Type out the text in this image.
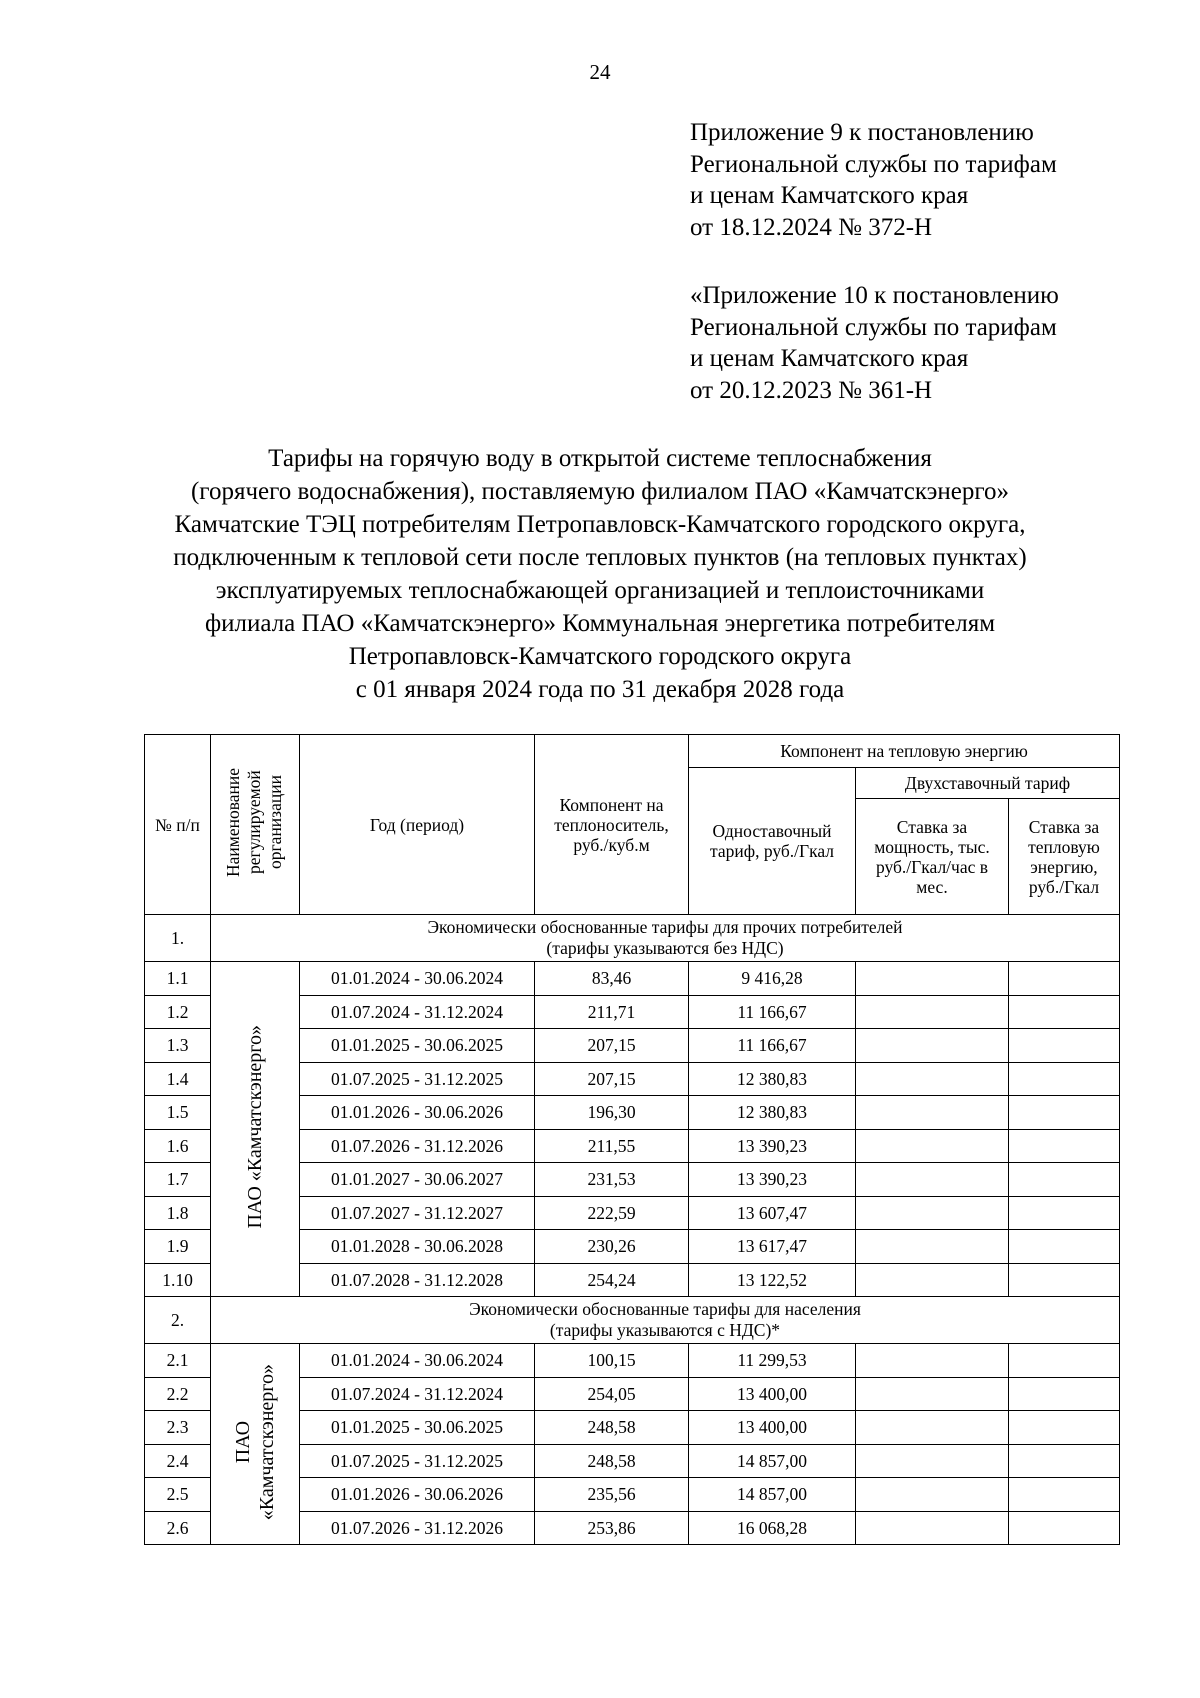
24
Приложение 9 к постановлению
Региональной службы по тарифам
и ценам Камчатского края
от 18.12.2024 № 372-Н
«Приложение 10 к постановлению
Региональной службы по тарифам
и ценам Камчатского края
от 20.12.2023 № 361-Н
Тарифы на горячую воду в открытой системе теплоснабжения
(горячего водоснабжения), поставляемую филиалом ПАО «Камчатскэнерго»
Камчатские ТЭЦ потребителям Петропавловск-Камчатского городского округа,
подключенным к тепловой сети после тепловых пунктов (на тепловых пунктах)
эксплуатируемых теплоснабжающей организацией и теплоисточниками
филиала ПАО «Камчатскэнерго» Коммунальная энергетика потребителям
Петропавловск-Камчатского городского округа
с 01 января 2024 года по 31 декабря 2028 года
№ п/п	Наименование регулируемой организации	Год (период)	Компонент на теплоноситель, руб./куб.м	Компонент на тепловую энергию		
				Одноставочный тариф, руб./Гкал	Двухставочный тариф	
					Ставка за мощность, тыс. руб./Гкал/час в мес.	Ставка за тепловую энергию, руб./Гкал
1.	Экономически обоснованные тарифы для прочих потребителей
(тарифы указываются без НДС)					

1.1	ПАО «Камчатскэнерго»	01.01.2024 - 30.06.2024	83,46	9 416,28		
1.2		01.07.2024 - 31.12.2024	211,71	11 166,67		
1.3		01.01.2025 - 30.06.2025	207,15	11 166,67		
1.4		01.07.2025 - 31.12.2025	207,15	12 380,83		
1.5		01.01.2026 - 30.06.2026	196,30	12 380,83		
1.6		01.07.2026 - 31.12.2026	211,55	13 390,23		
1.7		01.01.2027 - 30.06.2027	231,53	13 390,23		
1.8		01.07.2027 - 31.12.2027	222,59	13 607,47		
1.9		01.01.2028 - 30.06.2028	230,26	13 617,47		
1.10		01.07.2028 - 31.12.2028	254,24	13 122,52		
2.	Экономически обоснованные тарифы для населения
(тарифы указываются с НДС)*					

2.1	ПАО «Камчатскэнерго»	01.01.2024 - 30.06.2024	100,15	11 299,53		
2.2		01.07.2024 - 31.12.2024	254,05	13 400,00		
2.3		01.01.2025 - 30.06.2025	248,58	13 400,00		
2.4		01.07.2025 - 31.12.2025	248,58	14 857,00		
2.5		01.01.2026 - 30.06.2026	235,56	14 857,00		
2.6		01.07.2026 - 31.12.2026	253,86	16 068,28		
